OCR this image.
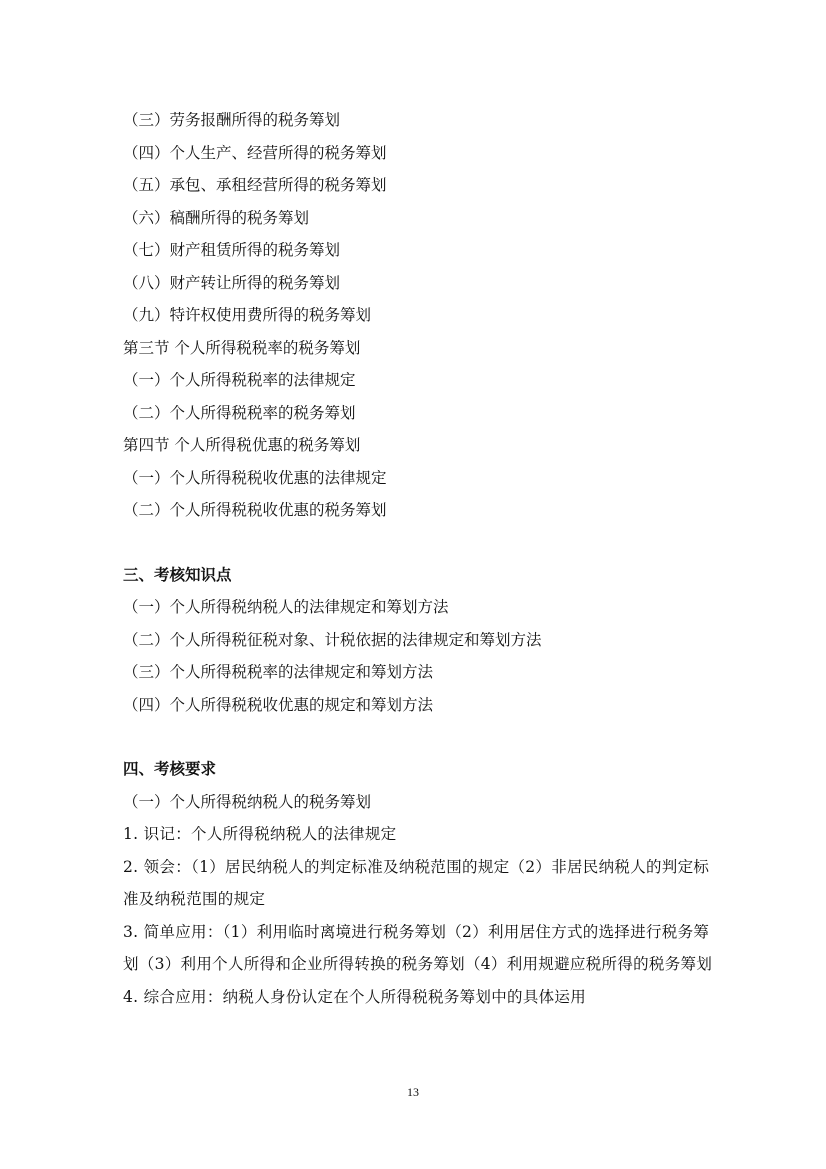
（三）劳务报酬所得的税务筹划
（四）个人生产、经营所得的税务筹划
（五）承包、承租经营所得的税务筹划
（六）稿酬所得的税务筹划
（七）财产租赁所得的税务筹划
（八）财产转让所得的税务筹划
（九）特许权使用费所得的税务筹划
第三节 个人所得税税率的税务筹划
（一）个人所得税税率的法律规定
（二）个人所得税税率的税务筹划
第四节 个人所得税优惠的税务筹划
（一）个人所得税税收优惠的法律规定
（二）个人所得税税收优惠的税务筹划
三、考核知识点
（一）个人所得税纳税人的法律规定和筹划方法
（二）个人所得税征税对象、计税依据的法律规定和筹划方法
（三）个人所得税税率的法律规定和筹划方法
（四）个人所得税税收优惠的规定和筹划方法
四、考核要求
（一）个人所得税纳税人的税务筹划
1. 识记：个人所得税纳税人的法律规定
2. 领会：（1）居民纳税人的判定标准及纳税范围的规定（2）非居民纳税人的判定标准及纳税范围的规定
3. 简单应用：（1）利用临时离境进行税务筹划（2）利用居住方式的选择进行税务筹划（3）利用个人所得和企业所得转换的税务筹划（4）利用规避应税所得的税务筹划
4. 综合应用：纳税人身份认定在个人所得税税务筹划中的具体运用
13
